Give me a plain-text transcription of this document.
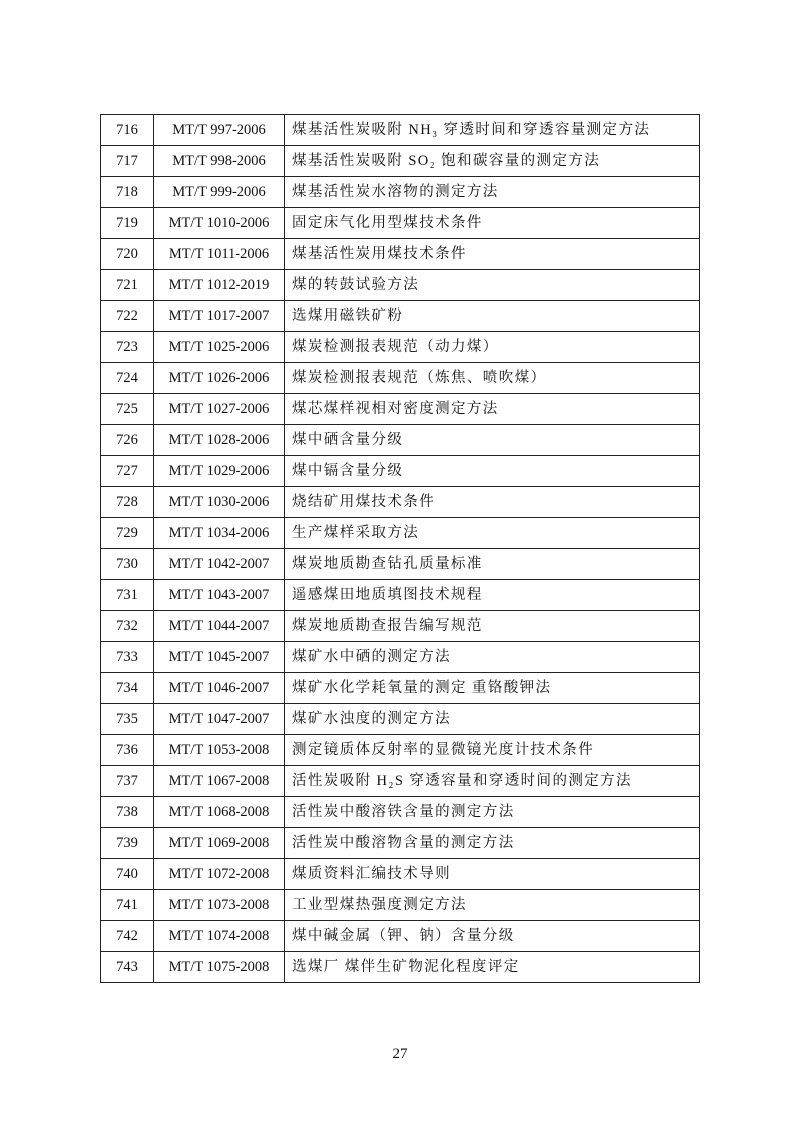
716	MT/T 997-2006	煤基活性炭吸附 NH₃ 穿透时间和穿透容量测定方法
717	MT/T 998-2006	煤基活性炭吸附 SO₂ 饱和碳容量的测定方法
718	MT/T 999-2006	煤基活性炭水溶物的测定方法
719	MT/T 1010-2006	固定床气化用型煤技术条件
720	MT/T 1011-2006	煤基活性炭用煤技术条件
721	MT/T 1012-2019	煤的转鼓试验方法
722	MT/T 1017-2007	选煤用磁铁矿粉
723	MT/T 1025-2006	煤炭检测报表规范（动力煤）
724	MT/T 1026-2006	煤炭检测报表规范（炼焦、喷吹煤）
725	MT/T 1027-2006	煤芯煤样视相对密度测定方法
726	MT/T 1028-2006	煤中硒含量分级
727	MT/T 1029-2006	煤中镉含量分级
728	MT/T 1030-2006	烧结矿用煤技术条件
729	MT/T 1034-2006	生产煤样采取方法
730	MT/T 1042-2007	煤炭地质勘查钻孔质量标准
731	MT/T 1043-2007	遥感煤田地质填图技术规程
732	MT/T 1044-2007	煤炭地质勘查报告编写规范
733	MT/T 1045-2007	煤矿水中硒的测定方法
734	MT/T 1046-2007	煤矿水化学耗氧量的测定 重铬酸钾法
735	MT/T 1047-2007	煤矿水浊度的测定方法
736	MT/T 1053-2008	测定镜质体反射率的显微镜光度计技术条件
737	MT/T 1067-2008	活性炭吸附 H₂S 穿透容量和穿透时间的测定方法
738	MT/T 1068-2008	活性炭中酸溶铁含量的测定方法
739	MT/T 1069-2008	活性炭中酸溶物含量的测定方法
740	MT/T 1072-2008	煤质资料汇编技术导则
741	MT/T 1073-2008	工业型煤热强度测定方法
742	MT/T 1074-2008	煤中碱金属（钾、钠）含量分级
743	MT/T 1075-2008	选煤厂 煤伴生矿物泥化程度评定
27
